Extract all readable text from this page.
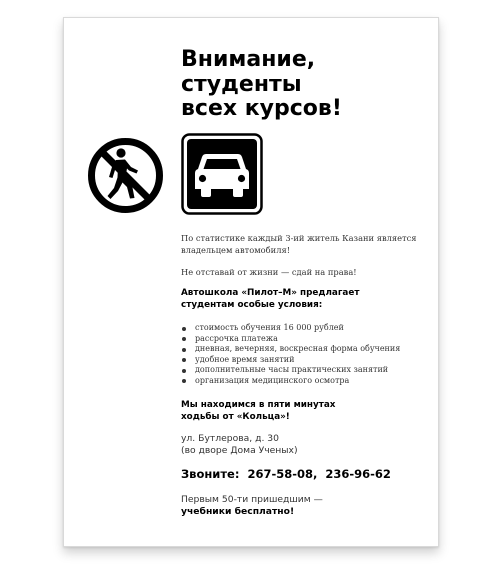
Внимание,
студенты
всех курсов!
По статистике каждый 3-ий житель Казани является владельцем автомобиля!
Не отставай от жизни — сдай на права!
Автошкола «Пилот–М» предлагает
студентам особые условия:
стоимость обучения 16 000 рублей
рассрочка платежа
дневная, вечерняя, воскресная форма обучения
удобное время занятий
дополнительные часы практических занятий
организация медицинского осмотра
Мы находимся в пяти минутах
ходьбы от «Кольца»!
ул. Бутлерова, д. 30
(во дворе Дома Ученых)
Звоните: 267-58-08,  236-96-62
Первым 50-ти пришедшим —
учебники бесплатно!
